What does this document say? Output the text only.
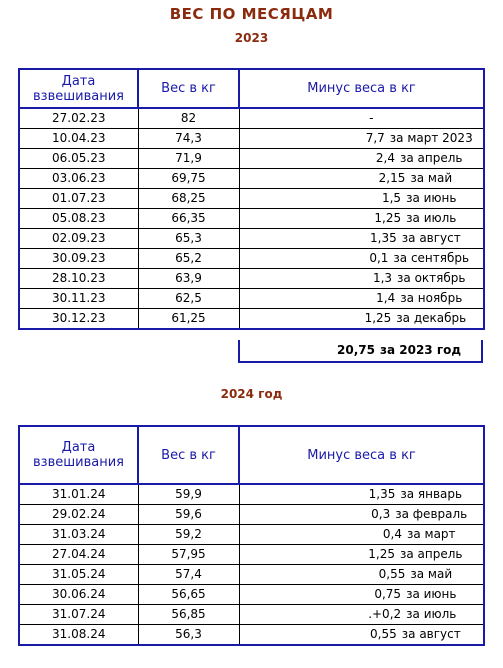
ВЕС ПО МЕСЯЦАМ
2023
Дата взвешивания	Вес в кг	Минус веса в кг
27.02.23	82	-

10.04.23	74,3	7,7 за март 2023
06.05.23	71,9	2,4 за апрель
03.06.23	69,75	2,15 за май
01.07.23	68,25	1,5 за июнь
05.08.23	66,35	1,25 за июль
02.09.23	65,3	1,35 за август
30.09.23	65,2	0,1 за сентябрь
28.10.23	63,9	1,3 за октябрь
30.11.23	62,5	1,4 за ноябрь
30.12.23	61,25	1,25 за декабрь
20,75 за 2023 год
2024 год
Дата взвешивания	Вес в кг	Минус веса в кг
31.01.24	59,9	1,35 за январь
29.02.24	59,6	0,3 за февраль
31.03.24	59,2	0,4 за март
27.04.24	57,95	1,25 за апрель
31.05.24	57,4	0,55 за май
30.06.24	56,65	0,75 за июнь
31.07.24	56,85	.+0,2 за июль
31.08.24	56,3	0,55 за август
